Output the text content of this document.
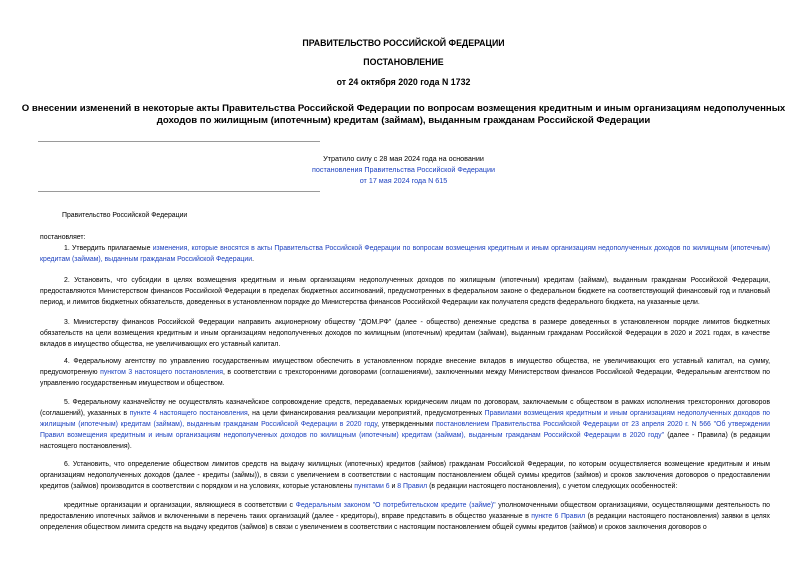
ПРАВИТЕЛЬСТВО РОССИЙСКОЙ ФЕДЕРАЦИИ
ПОСТАНОВЛЕНИЕ
от 24 октября 2020 года N 1732
О внесении изменений в некоторые акты Правительства Российской Федерации по вопросам возмещения кредитным и иным организациям недополученных
доходов по жилищным (ипотечным) кредитам (займам), выданным гражданам Российской Федерации
Утратило силу с 28 мая 2024 года на основании
постановления Правительства Российской Федерации
от 17 мая 2024 года N 615
Правительство Российской Федерации
постановляет:
1. Утвердить прилагаемые изменения, которые вносятся в акты Правительства Российской Федерации по вопросам возмещения кредитным и иным организациям недополученных доходов по жилищным (ипотечным) кредитам (займам), выданным гражданам Российской Федерации.
2. Установить, что субсидии в целях возмещения кредитным и иным организациям недополученных доходов по жилищным (ипотечным) кредитам (займам), выданным гражданам Российской Федерации, предоставляются Министерством финансов Российской Федерации в пределах бюджетных ассигнований, предусмотренных в федеральном законе о федеральном бюджете на соответствующий финансовый год и плановый период, и лимитов бюджетных обязательств, доведенных в установленном порядке до Министерства финансов Российской Федерации как получателя средств федерального бюджета, на указанные цели.
3. Министерству финансов Российской Федерации направить акционерному обществу "ДОМ.РФ" (далее - общество) денежные средства в размере доведенных в установленном порядке лимитов бюджетных обязательств на цели возмещения кредитным и иным организациям недополученных доходов по жилищным (ипотечным) кредитам (займам), выданным гражданам Российской Федерации в 2020 и 2021 годах, в качестве вкладов в имущество общества, не увеличивающих его уставный капитал.
4. Федеральному агентству по управлению государственным имуществом обеспечить в установленном порядке внесение вкладов в имущество общества, не увеличивающих его уставный капитал, на сумму, предусмотренную пунктом 3 настоящего постановления, в соответствии с трехсторонними договорами (соглашениями), заключенными между Министерством финансов Российской Федерации, Федеральным агентством по управлению государственным имуществом и обществом.
5. Федеральному казначейству не осуществлять казначейское сопровождение средств, передаваемых юридическим лицам по договорам, заключаемым с обществом в рамках исполнения трехсторонних договоров (соглашений), указанных в пункте 4 настоящего постановления, на цели финансирования реализации мероприятий, предусмотренных Правилами возмещения кредитным и иным организациям недополученных доходов по жилищным (ипотечным) кредитам (займам), выданным гражданам Российской Федерации в 2020 году, утвержденными постановлением Правительства Российской Федерации от 23 апреля 2020 г. N 566 "Об утверждении Правил возмещения кредитным и иным организациям недополученных доходов по жилищным (ипотечным) кредитам (займам), выданным гражданам Российской Федерации в 2020 году" (далее - Правила) (в редакции настоящего постановления).
6. Установить, что определение обществом лимитов средств на выдачу жилищных (ипотечных) кредитов (займов) гражданам Российской Федерации, по которым осуществляется возмещение кредитным и иным организациям недополученных доходов (далее - кредиты (займы)), в связи с увеличением в соответствии с настоящим постановлением общей суммы кредитов (займов) и сроков заключения договоров о предоставлении кредитов (займов) производится в соответствии с порядком и на условиях, которые установлены пунктами 6 и 8 Правил (в редакции настоящего постановления), с учетом следующих особенностей:
кредитные организации и организации, являющиеся в соответствии с Федеральным законом "О потребительском кредите (займе)" уполномоченными обществом организациями, осуществляющими деятельность по предоставлению ипотечных займов и включенными в перечень таких организаций (далее - кредиторы), вправе представить в общество указанные в пункте 6 Правил (в редакции настоящего постановления) заявки в целях определения обществом лимита средств на выдачу кредитов (займов) в связи с увеличением в соответствии с настоящим постановлением общей суммы кредитов (займов) и сроков заключения договоров о
